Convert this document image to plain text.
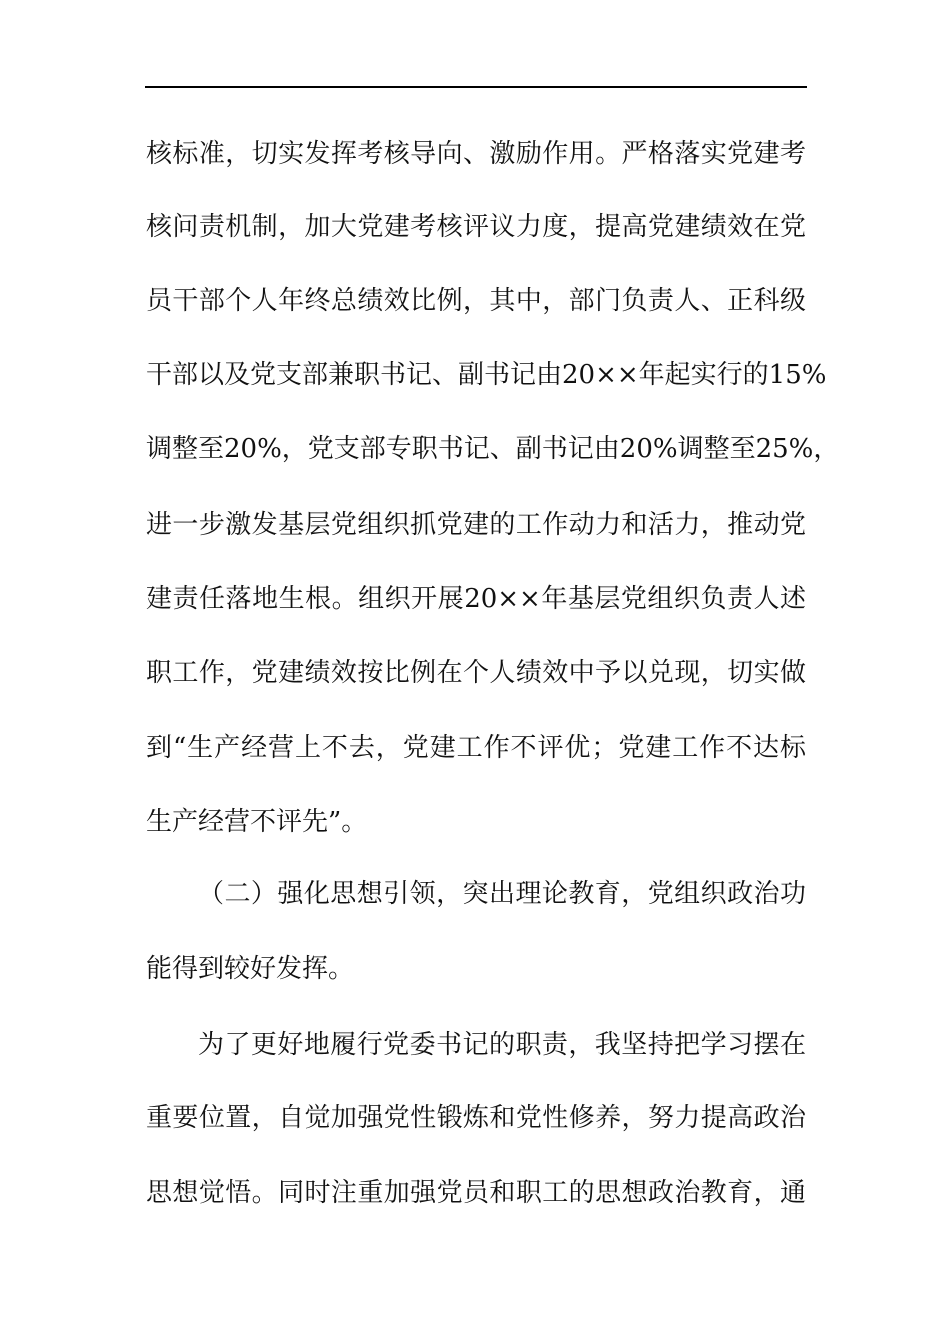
核标准，切实发挥考核导向、激励作用。严格落实党建考
核问责机制，加大党建考核评议力度，提高党建绩效在党
员干部个人年终总绩效比例，其中，部门负责人、正科级
干部以及党支部兼职书记、副书记由20××年起实行的15%
调整至20%，党支部专职书记、副书记由20%调整至25%，
进一步激发基层党组织抓党建的工作动力和活力，推动党
建责任落地生根。组织开展20××年基层党组织负责人述
职工作，党建绩效按比例在个人绩效中予以兑现，切实做
到“生产经营上不去，党建工作不评优；党建工作不达标
生产经营不评先”。
（二）强化思想引领，突出理论教育，党组织政治功
能得到较好发挥。
为了更好地履行党委书记的职责，我坚持把学习摆在
重要位置，自觉加强党性锻炼和党性修养，努力提高政治
思想觉悟。同时注重加强党员和职工的思想政治教育，通
